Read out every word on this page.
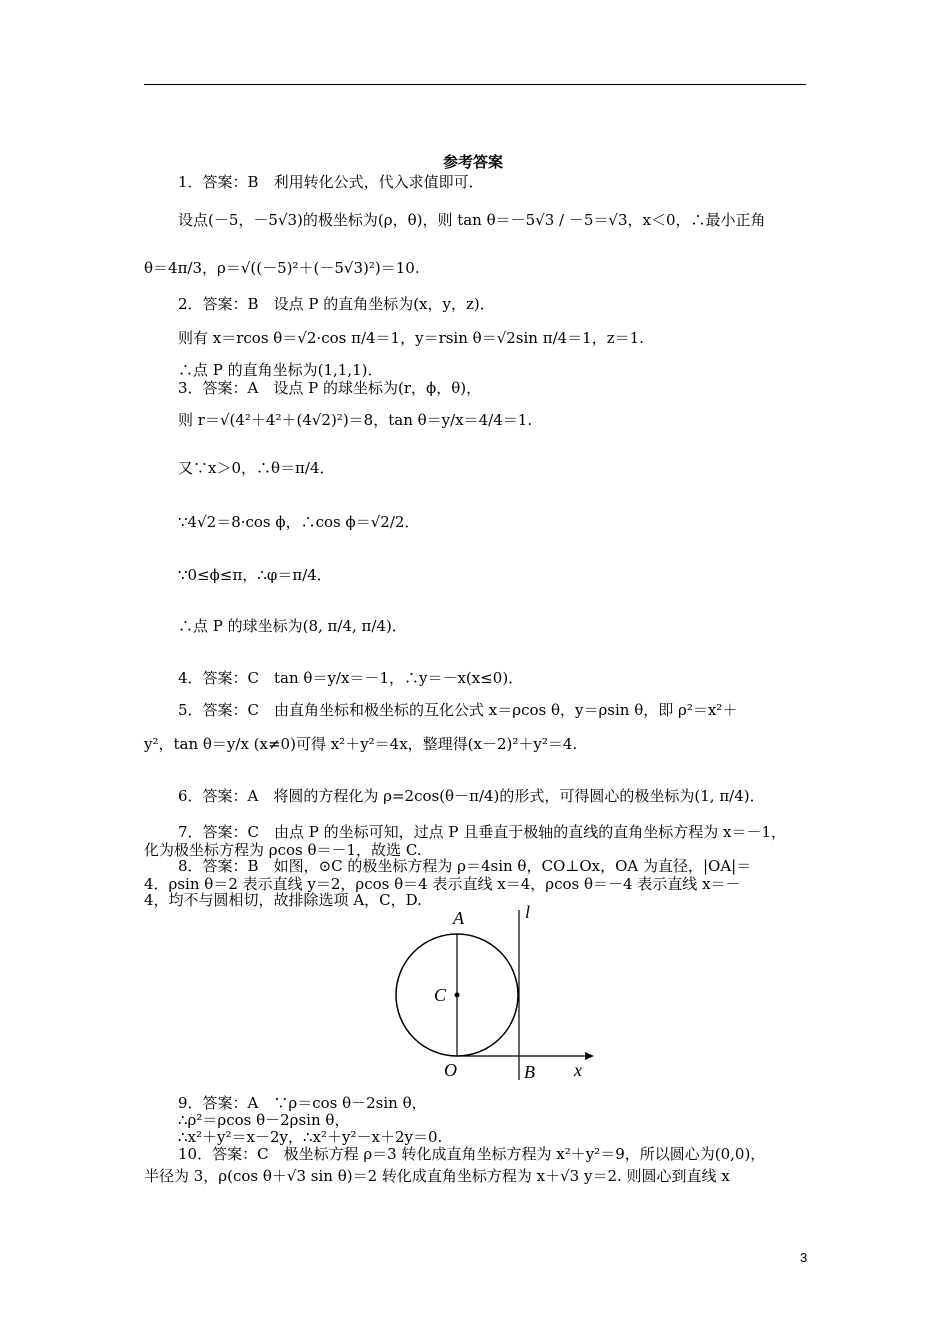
参考答案
1．答案：B　利用转化公式，代入求值即可．
设点(－5，－5√3)的极坐标为(ρ，θ)，则 tan θ＝－5√3 / －5＝√3，x＜0，∴最小正角
θ＝4π/3，ρ＝√((－5)²＋(－5√3)²)＝10.
2．答案：B　设点 P 的直角坐标为(x，y，z)．
则有 x＝rcos θ＝√2·cos π/4＝1，y＝rsin θ＝√2sin π/4＝1，z＝1.
∴点 P 的直角坐标为(1,1,1)．
3．答案：A　设点 P 的球坐标为(r，ϕ，θ)，
则 r＝√(4²＋4²＋(4√2)²)＝8，tan θ＝y/x＝4/4＝1.
又∵x＞0，∴θ＝π/4．
∵4√2＝8·cos ϕ，∴cos ϕ＝√2/2．
∵0≤ϕ≤π，∴φ＝π/4．
∴点 P 的球坐标为(8, π/4, π/4)．
4．答案：C　tan θ＝y/x＝－1，∴y＝－x(x≤0)．
5．答案：C　由直角坐标和极坐标的互化公式 x＝ρcos θ，y＝ρsin θ，即 ρ²＝x²＋
y²，tan θ＝y/x (x≠0)可得 x²＋y²＝4x，整理得(x－2)²＋y²＝4.
6．答案：A　将圆的方程化为 ρ=2cos(θ－π/4)的形式，可得圆心的极坐标为(1, π/4)．
7．答案：C　由点 P 的坐标可知，过点 P 且垂直于极轴的直线的直角坐标方程为 x＝－1，
化为极坐标方程为 ρcos θ＝－1，故选 C.
8．答案：B　如图，⊙C 的极坐标方程为 ρ＝4sin θ，CO⊥Ox，OA 为直径，|OA|＝
4．ρsin θ＝2 表示直线 y＝2，ρcos θ＝4 表示直线 x＝4，ρcos θ＝－4 表示直线 x＝－
4，均不与圆相切，故排除选项 A，C，D.
9．答案：A　∵ρ＝cos θ－2sin θ，
∴ρ²＝ρcos θ－2ρsin θ，
∴x²＋y²＝x－2y，∴x²＋y²－x＋2y＝0.
10．答案：C　极坐标方程 ρ＝3 转化成直角坐标方程为 x²＋y²＝9，所以圆心为(0,0)，
半径为 3，ρ(cos θ＋√3 sin θ)＝2 转化成直角坐标方程为 x＋√3 y＝2. 则圆心到直线 x
A
C
O	B x
l
3
